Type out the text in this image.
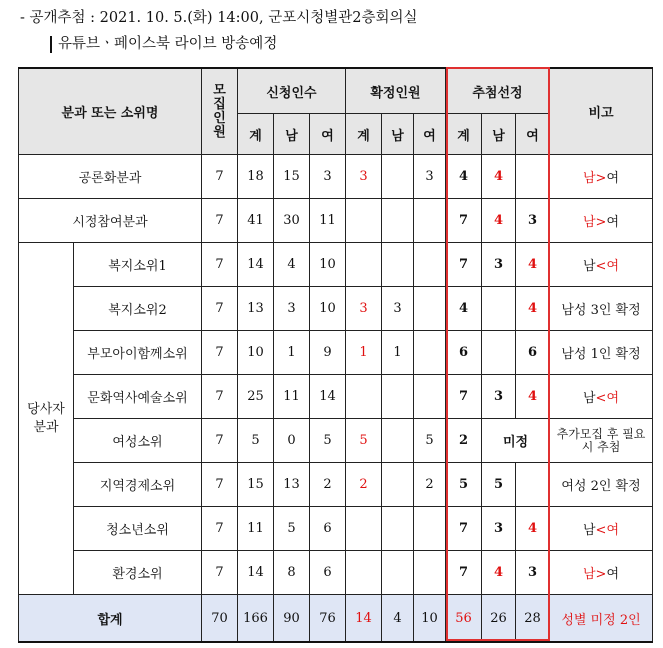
- 공개추첨 : 2021. 10. 5.(화) 14:00, 군포시청별관2층회의실
유튜브ㆍ페이스북 라이브 방송예정
분과 또는 소위명		모집인원	신청인수			확정인원			추첨선정			비고
			계	남	여	계	남	여	계	남	여	
공론화분과		7	18	15	3	3		3	4	4		남>여
시정참여분과		7	41	30	11				7	4	3	남>여
당사자 분과	복지소위1	7	14	4	10				7	3	4	남<여
	복지소위2	7	13	3	10	3	3		4		4	남성 3인 확정
	부모아이함께소위	7	10	1	9	1	1		6		6	남성 1인 확정
	문화역사예술소위	7	25	11	14				7	3	4	남<여
	여성소위	7	5	0	5	5		5	2	미정		추가모집 후 필요시 추첨
	지역경제소위	7	15	13	2	2		2	5	5		여성 2인 확정
	청소년소위	7	11	5	6				7	3	4	남<여
	환경소위	7	14	8	6				7	4	3	남>여
합계		70	166	90	76	14	4	10	56	26	28	성별 미정 2인
